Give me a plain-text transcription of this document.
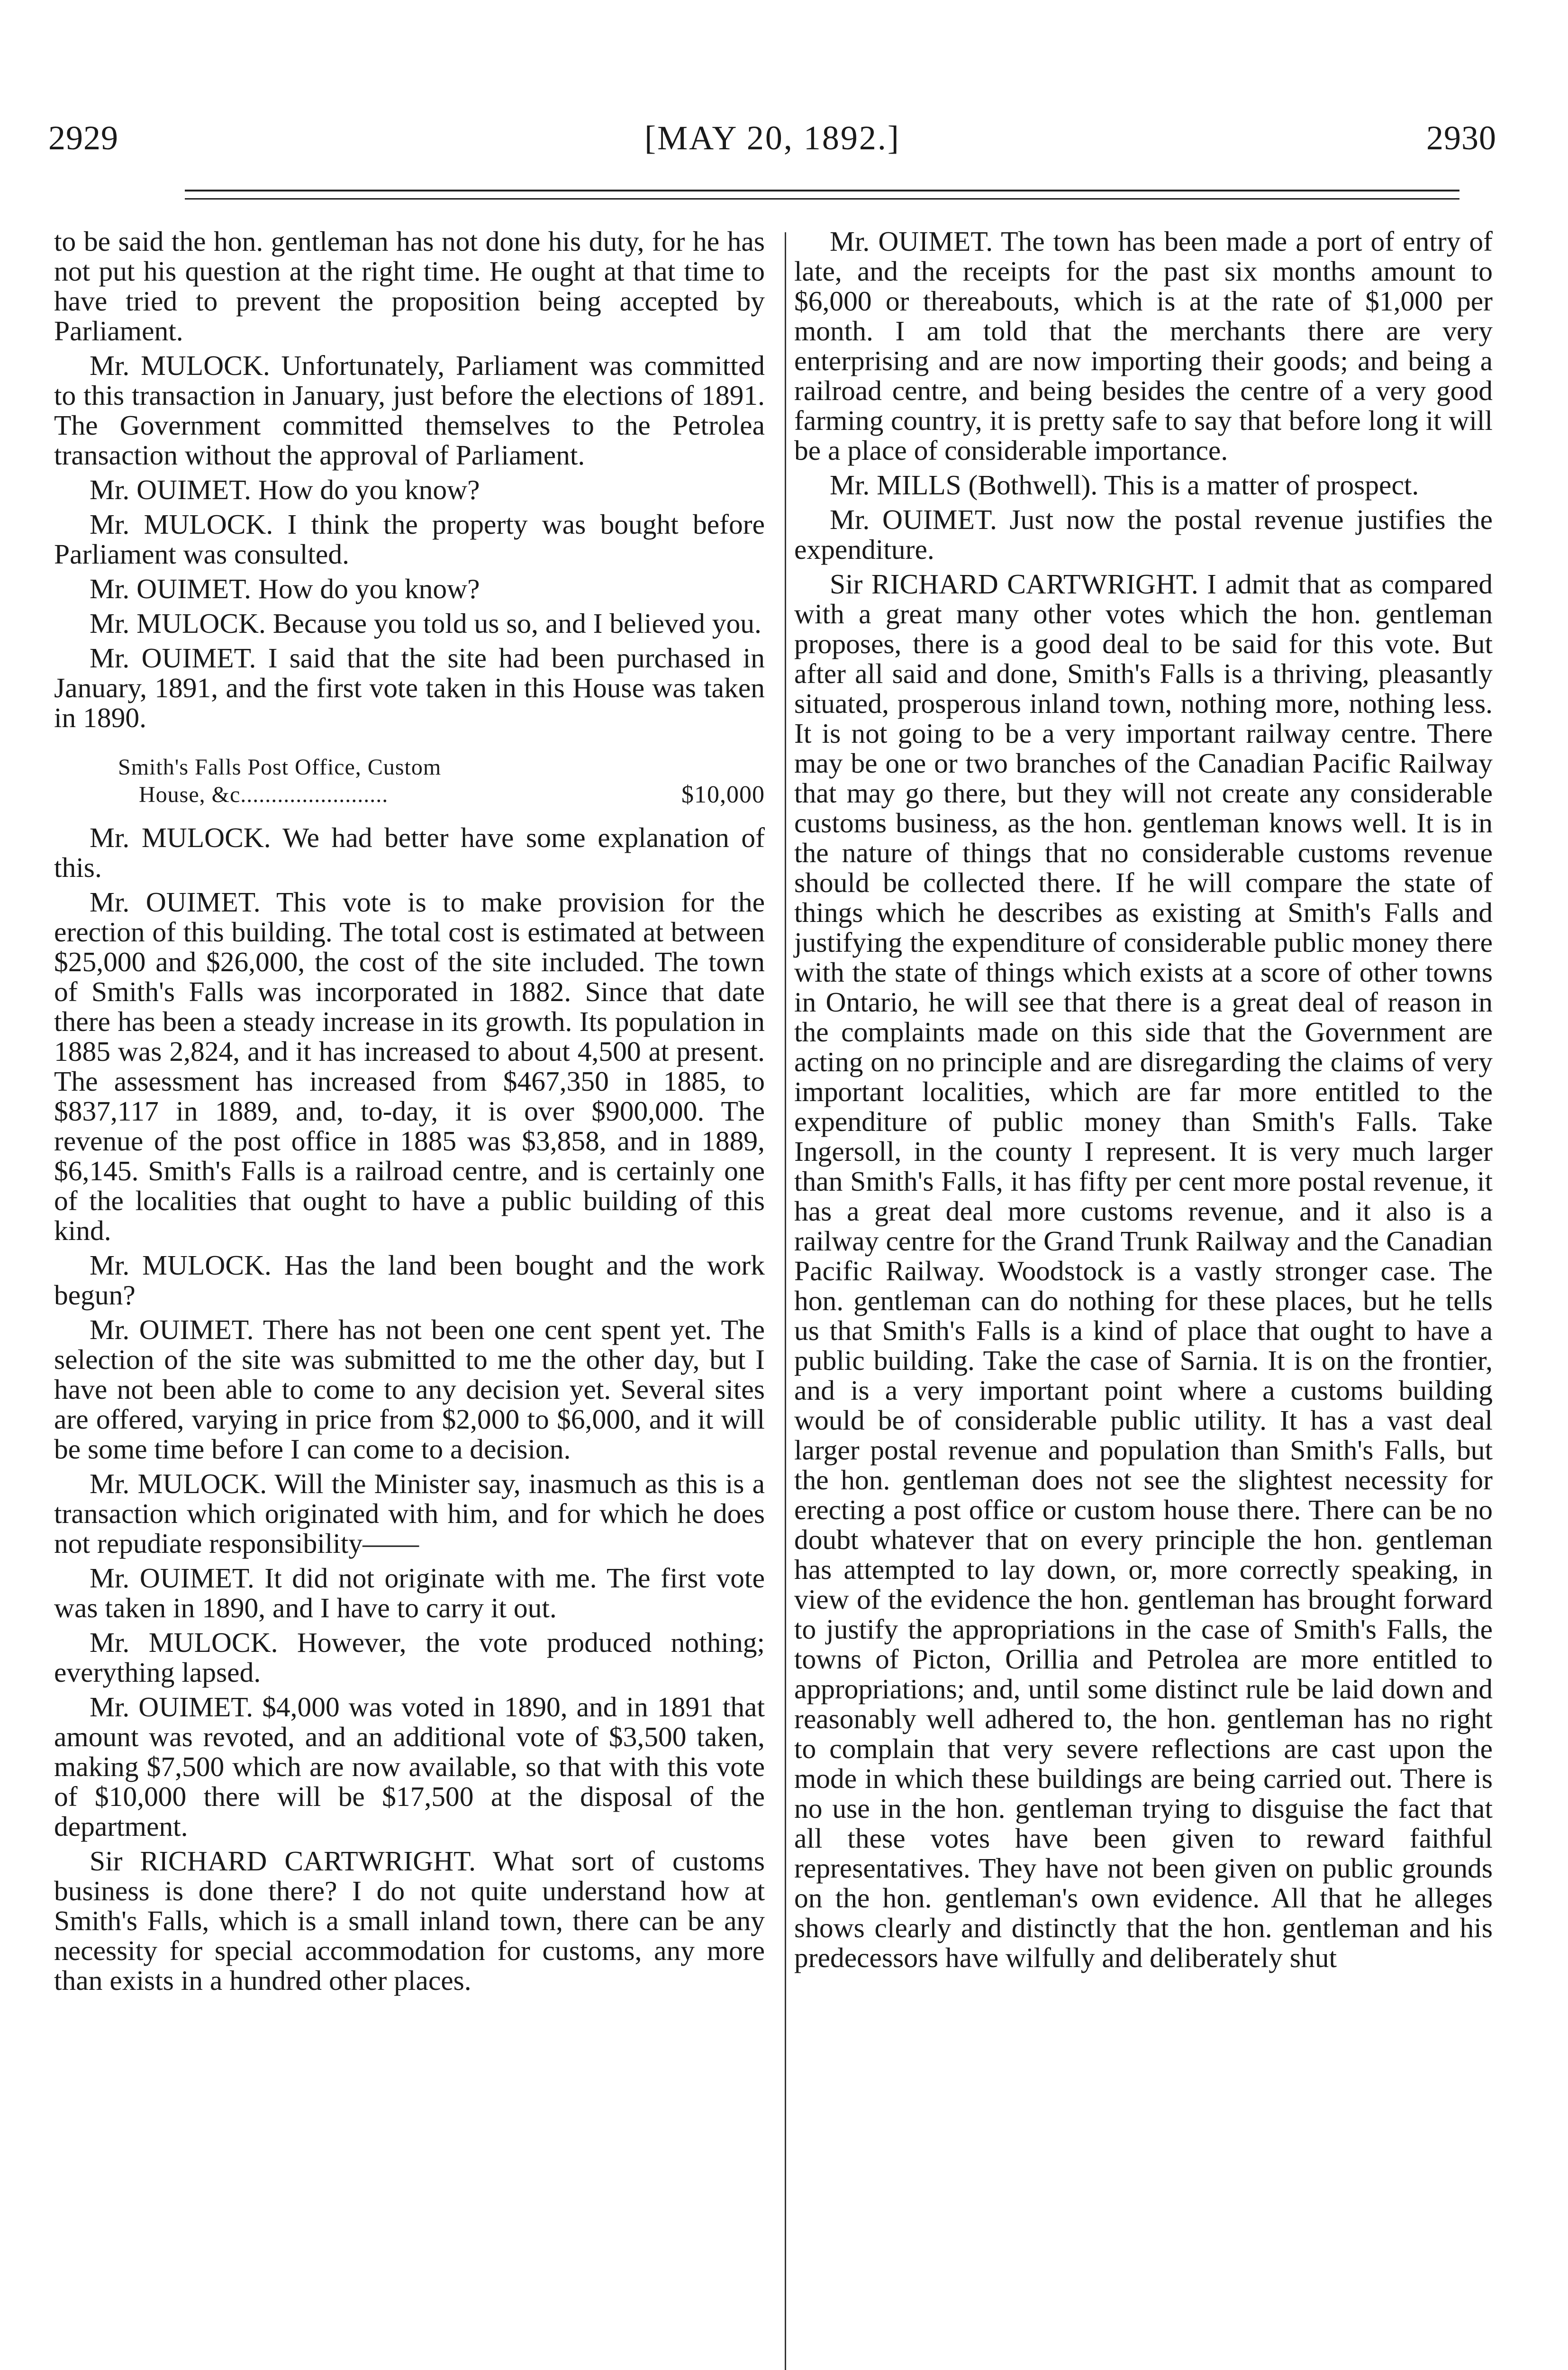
2929	[MAY 20, 1892.]	2930

to be said the hon. gentleman has not done his duty, for he has not put his question at the right time. He ought at that time to have tried to prevent the proposition being accepted by Parliament.

Mr. MULOCK. Unfortunately, Parliament was committed to this transaction in January, just before the elections of 1891. The Government committed themselves to the Petrolea transaction without the approval of Parliament.

Mr. OUIMET. How do you know?

Mr. MULOCK. I think the property was bought before Parliament was consulted.

Mr. OUIMET. How do you know?

Mr. MULOCK. Because you told us so, and I believed you.

Mr. OUIMET. I said that the site had been purchased in January, 1891, and the first vote taken in this House was taken in 1890.

Smith's Falls Post Office, Custom
$10,000
House, &c........................

Mr. MULOCK. We had better have some explanation of this.

Mr. OUIMET. This vote is to make provision for the erection of this building. The total cost is estimated at between $25,000 and $26,000, the cost of the site included. The town of Smith's Falls was incorporated in 1882. Since that date there has been a steady increase in its growth. Its population in 1885 was 2,824, and it has increased to about 4,500 at present. The assessment has increased from $467,350 in 1885, to $837,117 in 1889, and, to-day, it is over $900,000. The revenue of the post office in 1885 was $3,858, and in 1889, $6,145. Smith's Falls is a railroad centre, and is certainly one of the localities that ought to have a public building of this kind.

Mr. MULOCK. Has the land been bought and the work begun?

Mr. OUIMET. There has not been one cent spent yet. The selection of the site was submitted to me the other day, but I have not been able to come to any decision yet. Several sites are offered, varying in price from $2,000 to $6,000, and it will be some time before I can come to a decision.

Mr. MULOCK. Will the Minister say, inasmuch as this is a transaction which originated with him, and for which he does not repudiate responsibility——

Mr. OUIMET. It did not originate with me. The first vote was taken in 1890, and I have to carry it out.

Mr. MULOCK. However, the vote produced nothing; everything lapsed.

Mr. OUIMET. $4,000 was voted in 1890, and in 1891 that amount was revoted, and an additional vote of $3,500 taken, making $7,500 which are now available, so that with this vote of $10,000 there will be $17,500 at the disposal of the department.

Sir RICHARD CARTWRIGHT. What sort of customs business is done there? I do not quite understand how at Smith's Falls, which is a small inland town, there can be any necessity for special accommodation for customs, any more than exists in a hundred other places.

Mr. OUIMET. The town has been made a port of entry of late, and the receipts for the past six months amount to $6,000 or thereabouts, which is at the rate of $1,000 per month. I am told that the merchants there are very enterprising and are now importing their goods; and being a railroad centre, and being besides the centre of a very good farming country, it is pretty safe to say that before long it will be a place of considerable importance.

Mr. MILLS (Bothwell). This is a matter of prospect.

Mr. OUIMET. Just now the postal revenue justifies the expenditure.

Sir RICHARD CARTWRIGHT. I admit that as compared with a great many other votes which the hon. gentleman proposes, there is a good deal to be said for this vote. But after all said and done, Smith's Falls is a thriving, pleasantly situated, prosperous inland town, nothing more, nothing less. It is not going to be a very important railway centre. There may be one or two branches of the Canadian Pacific Railway that may go there, but they will not create any considerable customs business, as the hon. gentleman knows well. It is in the nature of things that no considerable customs revenue should be collected there. If he will compare the state of things which he describes as existing at Smith's Falls and justifying the expenditure of considerable public money there with the state of things which exists at a score of other towns in Ontario, he will see that there is a great deal of reason in the complaints made on this side that the Government are acting on no principle and are disregarding the claims of very important localities, which are far more entitled to the expenditure of public money than Smith's Falls. Take Ingersoll, in the county I represent. It is very much larger than Smith's Falls, it has fifty per cent more postal revenue, it has a great deal more customs revenue, and it also is a railway centre for the Grand Trunk Railway and the Canadian Pacific Railway. Woodstock is a vastly stronger case. The hon. gentleman can do nothing for these places, but he tells us that Smith's Falls is a kind of place that ought to have a public building. Take the case of Sarnia. It is on the frontier, and is a very important point where a customs building would be of considerable public utility. It has a vast deal larger postal revenue and population than Smith's Falls, but the hon. gentleman does not see the slightest necessity for erecting a post office or custom house there. There can be no doubt whatever that on every principle the hon. gentleman has attempted to lay down, or, more correctly speaking, in view of the evidence the hon. gentleman has brought forward to justify the appropriations in the case of Smith's Falls, the towns of Picton, Orillia and Petrolea are more entitled to appropriations; and, until some distinct rule be laid down and reasonably well adhered to, the hon. gentleman has no right to complain that very severe reflections are cast upon the mode in which these buildings are being carried out. There is no use in the hon. gentleman trying to disguise the fact that all these votes have been given to reward faithful representatives. They have not been given on public grounds on the hon. gentleman's own evidence. All that he alleges shows clearly and distinctly that the hon. gentleman and his predecessors have wilfully and deliberately shut
